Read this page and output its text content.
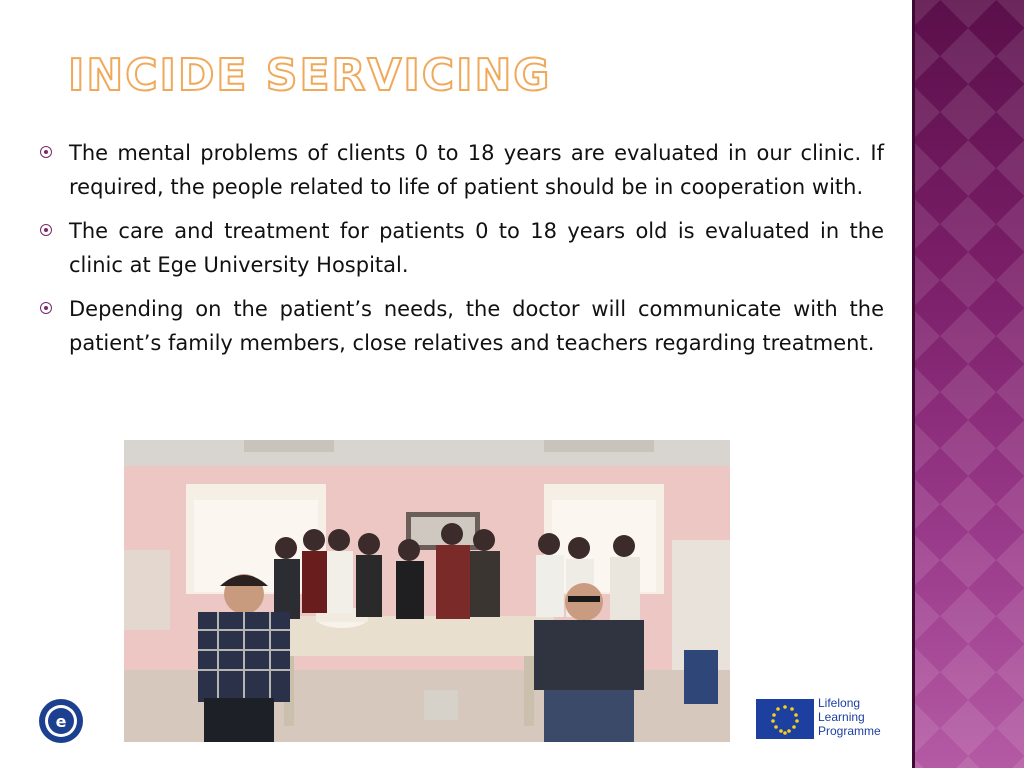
INCIDE SERVICING
The mental problems of clients 0 to 18 years are evaluated in our clinic. If required, the people related to life of patient should be in cooperation with.
The care and treatment for patients 0 to 18 years old is evaluated in the clinic at Ege University Hospital.
Depending on the patient’s needs, the doctor will communicate with the patient’s family members, close relatives and teachers regarding treatment.
e
Lifelong
Learning
Programme
